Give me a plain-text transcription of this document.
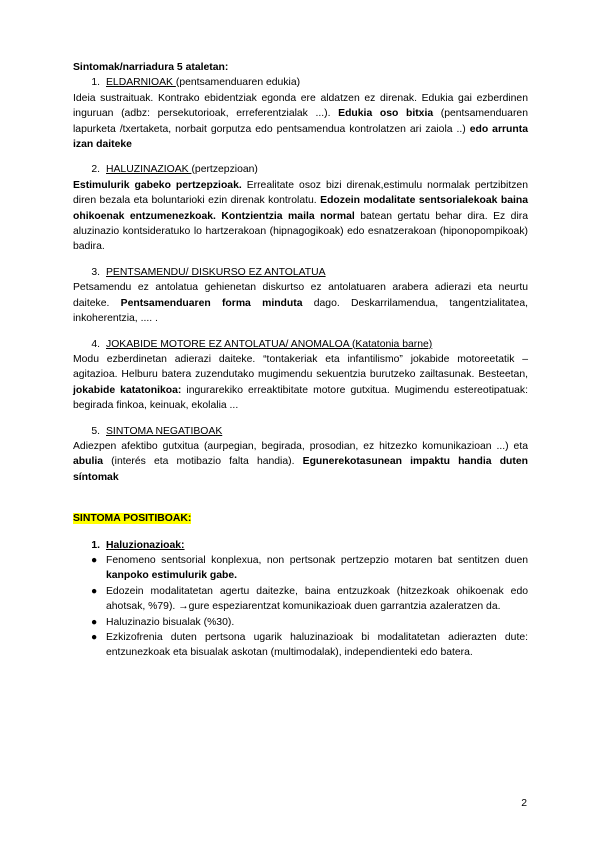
Sintomak/narriadura 5 ataletan:

1. ELDARNIOAK (pentsamenduaren edukia)

Ideia sustraituak. Kontrako ebidentziak egonda ere aldatzen ez direnak. Edukia gai ezberdinen inguruan (adbz: persekutorioak, erreferentzialak ...). Edukia oso bitxia (pentsamenduaren lapurketa /txertaketa, norbait gorputza edo pentsamendua kontrolatzen ari zaiola ..) edo arrunta izan daiteke

2. HALUZINAZIOAK (pertzepzioan)

Estimulurik gabeko pertzepzioak. Errealitate osoz bizi direnak,estimulu normalak pertzibitzen diren bezala eta boluntarioki ezin direnak kontrolatu. Edozein modalitate sentsorialekoak baina ohikoenak entzumenezkoak. Kontzientzia maila normal batean gertatu behar dira. Ez dira aluzinazio kontsideratuko lo hartzerakoan (hipnagogikoak) edo esnatzerakoan (hiponopompikoak) badira.

3. PENTSAMENDU/ DISKURSO EZ ANTOLATUA

Petsamendu ez antolatua gehienetan diskurtso ez antolatuaren arabera adierazi eta neurtu daiteke. Pentsamenduaren forma minduta dago. Deskarrilamendua, tangentzialitatea, inkoherentzia, .... .

4. JOKABIDE MOTORE EZ ANTOLATUA/ ANOMALOA (Katatonia barne)

Modu ezberdinetan adierazi daiteke. “tontakeriak eta infantilismo” jokabide motoreetatik – agitazioa. Helburu batera zuzendutako mugimendu sekuentzia burutzeko zailtasunak. Besteetan, jokabide katatonikoa: ingurarekiko erreaktibitate motore gutxitua. Mugimendu estereotipatuak: begirada finkoa, keinuak, ekolalia ...

5. SINTOMA NEGATIBOAK

Adiezpen afektibo gutxitua (aurpegian, begirada, prosodian, ez hitzezko komunikazioan ...) eta abulia (interés eta motibazio falta handia). Egunerekotasunean impaktu handia duten síntomak

SINTOMA POSITIBOAK:

1. Haluzionazioak:

● Fenomeno sentsorial konplexua, non pertsonak pertzepzio motaren bat sentitzen duen kanpoko estimulurik gabe.
● Edozein modalitatetan agertu daitezke, baina entzuzkoak (hitzezkoak ohikoenak edo ahotsak, %79). →gure espeziarentzat komunikazioak duen garrantzia azaleratzen da.
● Haluzinazio bisualak (%30).
● Ezkizofrenia duten pertsona ugarik haluzinazioak bi modalitatetan adierazten dute: entzunezkoak eta bisualak askotan (multimodalak), independienteki edo batera.
2
